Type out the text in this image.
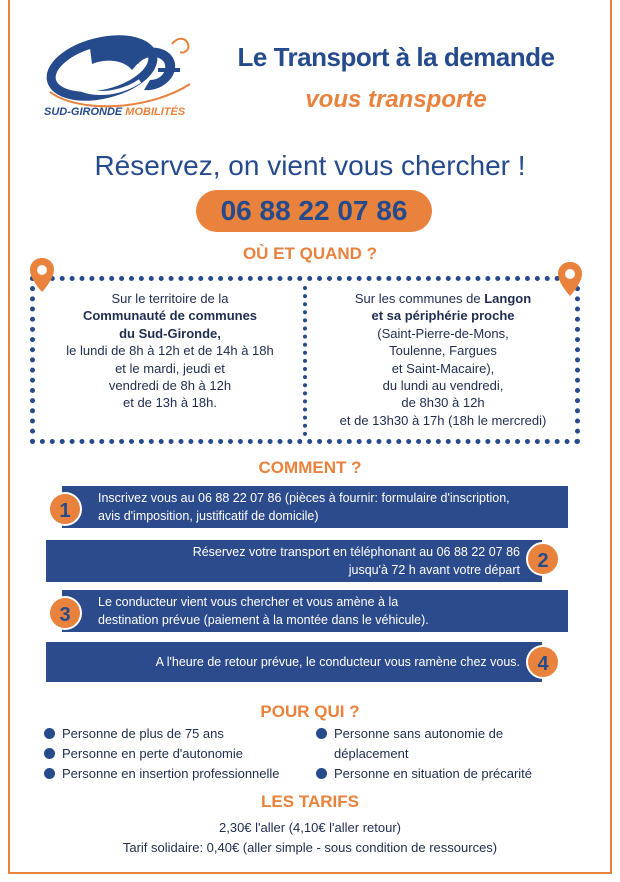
SUD-GIRONDE MOBILITÉS
Le Transport à la demande
vous transporte
Réservez, on vient vous chercher !
06 88 22 07 86
OÙ ET QUAND ?
Sur le territoire de la
Communauté de communes
du Sud-Gironde,
le lundi de 8h à 12h et de 14h à 18h
et le mardi, jeudi et
vendredi de 8h à 12h
et de 13h à 18h.
Sur les communes de Langon
et sa périphérie proche
(Saint-Pierre-de-Mons,
Toulenne, Fargues
et Saint-Macaire),
du lundi au vendredi,
de 8h30 à 12h
et de 13h30 à 17h (18h le mercredi)
COMMENT ?
Inscrivez vous au 06 88 22 07 86 (pièces à fournir: formulaire d'inscription,
avis d'imposition, justificatif de domicile)
1
Réservez votre transport en téléphonant au 06 88 22 07 86
jusqu'à 72 h avant votre départ 2
Le conducteur vient vous chercher et vous amène à la
destination prévue (paiement à la montée dans le véhicule).
3
A l'heure de retour prévue, le conducteur vous ramène chez vous. 4
POUR QUI ?
Personne de plus de 75 ans
Personne en perte d'autonomie
Personne en insertion professionnelle
Personne sans autonomie de
déplacement
Personne en situation de précarité
LES TARIFS
2,30€ l'aller (4,10€ l'aller retour)
Tarif solidaire: 0,40€ (aller simple - sous condition de ressources)
